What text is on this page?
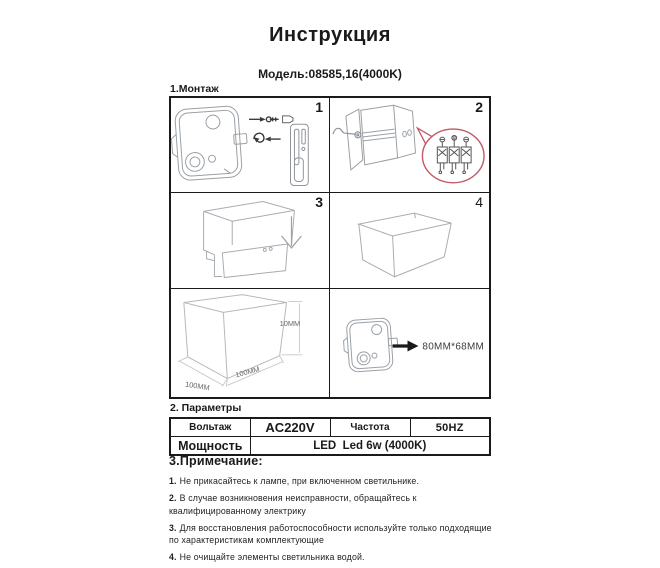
Инструкция
Модель:08585,16(4000K)
1.Монтаж
1	2
3	4
10MM
100MM
100MM
80MM*68MM
2. Параметры
Вольтаж	AC220V	Частота	50HZ
Мощность	LED  Led 6w (4000K)		
3.Примечание:
1. Не прикасайтесь к лампе, при включенном светильнике.
2. В случае возникновения неисправности, обращайтесь к квалифицированному электрику
3. Для восстановления работоспособности используйте только подходящие по характеристикам комплектующие
4. Не очищайте элементы светильника водой.
